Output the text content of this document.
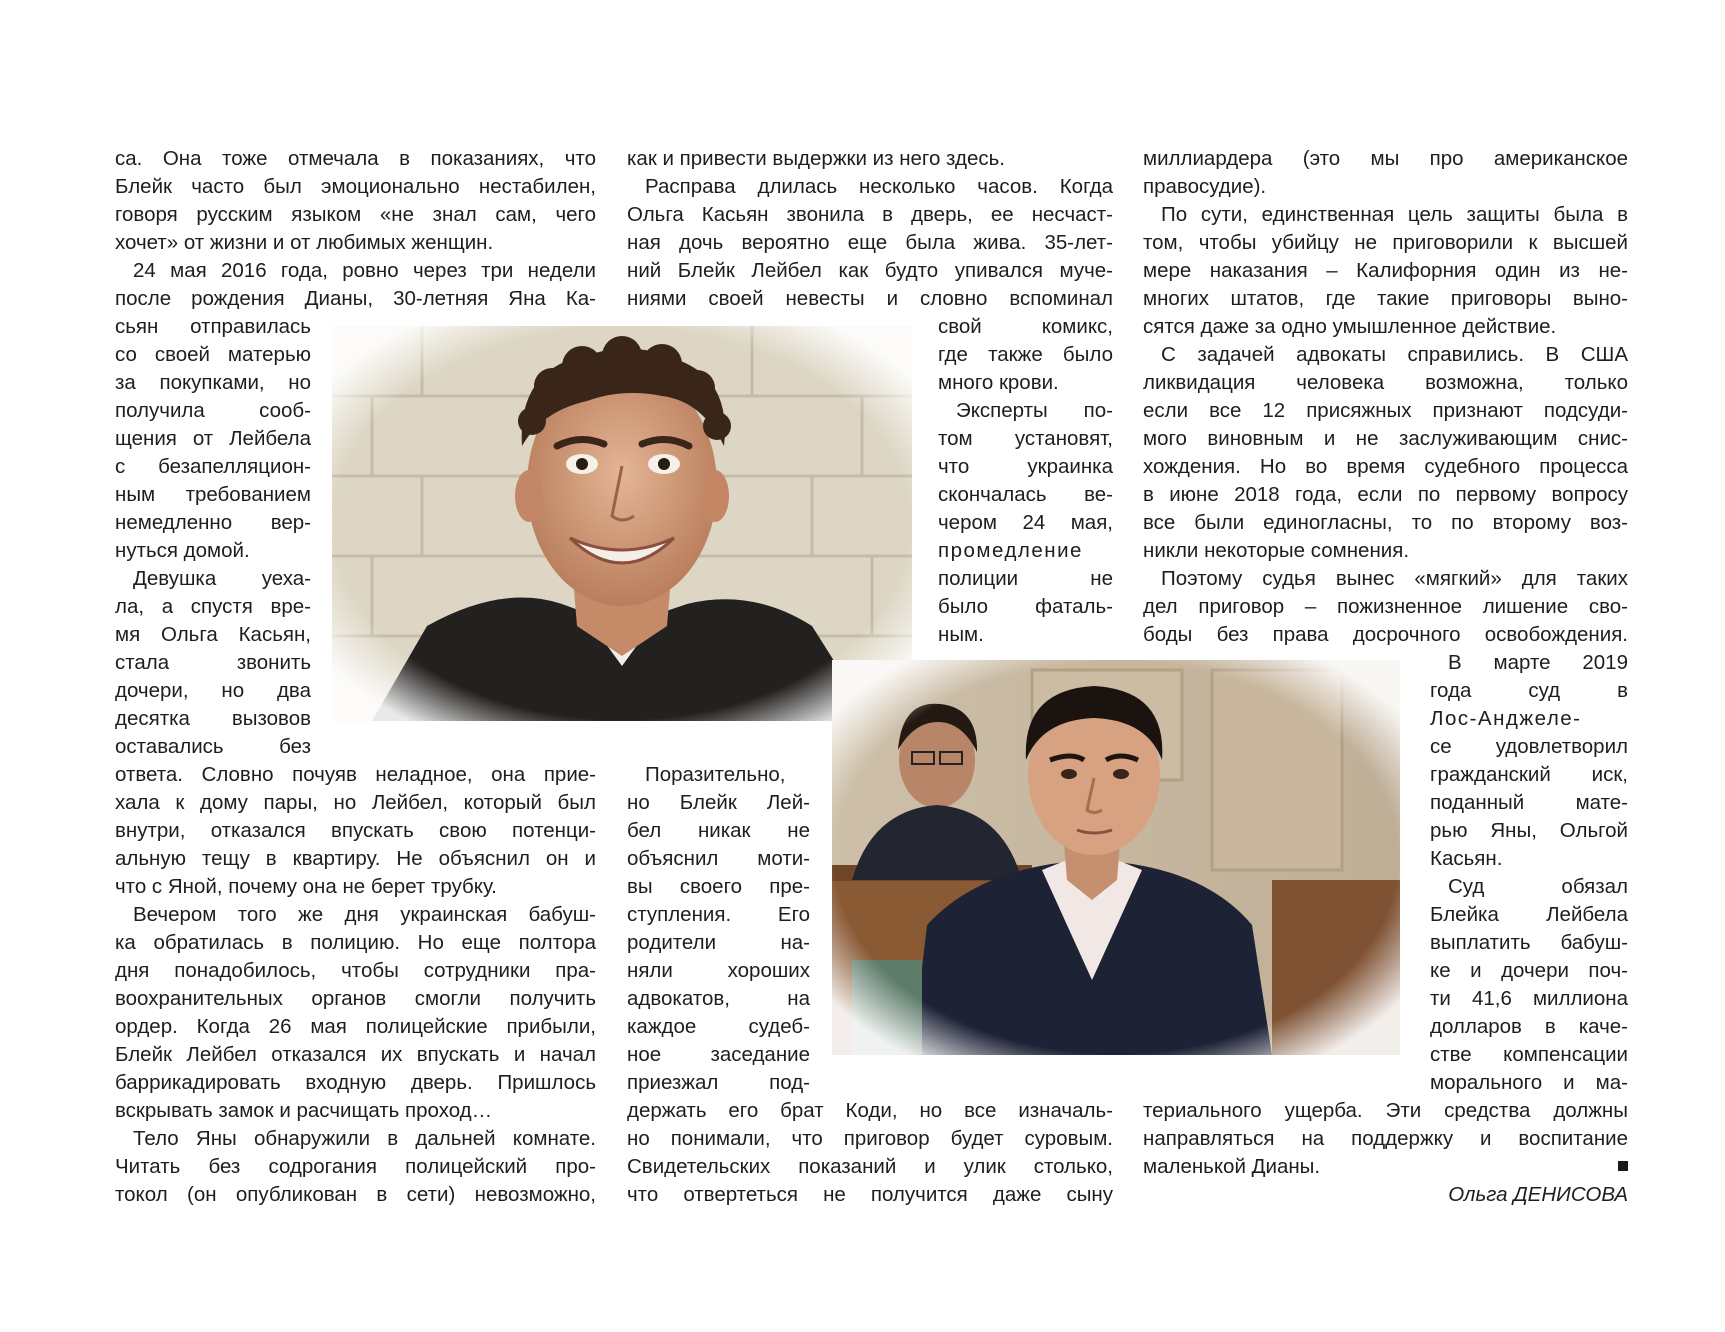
са. Она тоже отмечала в показаниях, что
Блейк часто был эмоционально нестабилен,
говоря русским языком «не знал сам, чего
хочет» от жизни и от любимых женщин.
24 мая 2016 года, ровно через три недели
после рождения Дианы, 30-летняя Яна Ка-
сьян отправилась
со своей матерью
за покупками, но
получила сооб-
щения от Лейбела
с безапелляцион-
ным требованием
немедленно вер-
нуться домой.
Девушка уеха-
ла, а спустя вре-
мя Ольга Касьян,
стала звонить
дочери, но два
десятка вызовов
оставались без
ответа. Словно почуяв неладное, она прие-
хала к дому пары, но Лейбел, который был
внутри, отказался впускать свою потенци-
альную тещу в квартиру. Не объяснил он и
что с Яной, почему она не берет трубку.
Вечером того же дня украинская бабуш-
ка обратилась в полицию. Но еще полтора
дня понадобилось, чтобы сотрудники пра-
воохранительных органов смогли получить
ордер. Когда 26 мая полицейские прибыли,
Блейк Лейбел отказался их впускать и начал
баррикадировать входную дверь. Пришлось
вскрывать замок и расчищать проход…
Тело Яны обнаружили в дальней комнате.
Читать без содрогания полицейский про-
токол (он опубликован в сети) невозможно,
как и привести выдержки из него здесь.
Расправа длилась несколько часов. Когда
Ольга Касьян звонила в дверь, ее несчаст-
ная дочь вероятно еще была жива. 35-лет-
ний Блейк Лейбел как будто упивался муче-
ниями своей невесты и словно вспоминал
свой комикс,
где также было
много крови.
Эксперты по-
том установят,
что украинка
скончалась ве-
чером 24 мая,
промедление
полиции не
было фаталь-
ным.
Поразительно,
но Блейк Лей-
бел никак не
объяснил моти-
вы своего пре-
ступления. Его
родители на-
няли хороших
адвокатов, на
каждое судеб-
ное заседание
приезжал под-
держать его брат Коди, но все изначаль-
но понимали, что приговор будет суровым.
Свидетельских показаний и улик столько,
что отвертеться не получится даже сыну
миллиардера (это мы про американское
правосудие).
По сути, единственная цель защиты была в
том, чтобы убийцу не приговорили к высшей
мере наказания – Калифорния один из не-
многих штатов, где такие приговоры выно-
сятся даже за одно умышленное действие.
С задачей адвокаты справились. В США
ликвидация человека возможна, только
если все 12 присяжных признают подсуди-
мого виновным и не заслуживающим снис-
хождения. Но во время судебного процесса
в июне 2018 года, если по первому вопросу
все были единогласны, то по второму воз-
никли некоторые сомнения.
Поэтому судья вынес «мягкий» для таких
дел приговор – пожизненное лишение сво-
боды без права досрочного освобождения.
В марте 2019
года суд в
Лос-Анджеле-
се удовлетворил
гражданский иск,
поданный мате-
рью Яны, Ольгой
Касьян.
Суд обязал
Блейка Лейбела
выплатить бабуш-
ке и дочери поч-
ти 41,6 миллиона
долларов в каче-
стве компенсации
морального и ма-
териального ущерба. Эти средства должны
направляться на поддержку и воспитание
маленькой Дианы.
Ольга ДЕНИСОВА
